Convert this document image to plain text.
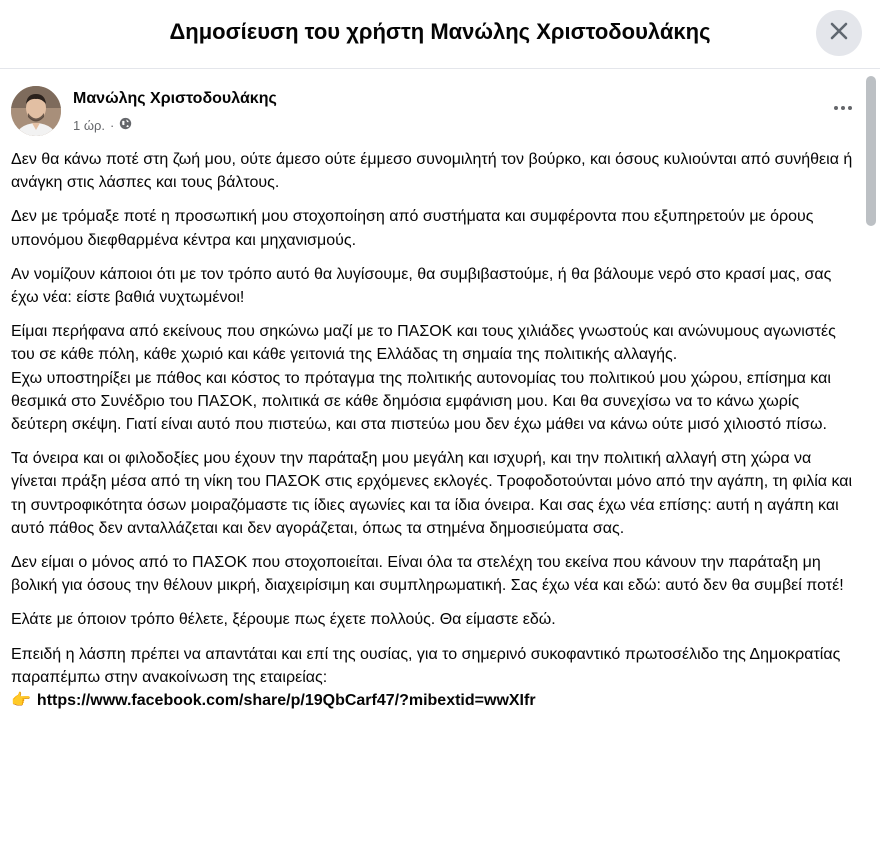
Δημοσίευση του χρήστη Μανώλης Χριστοδουλάκης
Μανώλης Χριστοδουλάκης
1 ώρ. ·

Δεν θα κάνω ποτέ στη ζωή μου, ούτε άμεσο ούτε έμμεσο συνομιλητή τον βούρκο, και όσους κυλιούνται από συνήθεια ή ανάγκη στις λάσπες και τους βάλτους.

Δεν με τρόμαξε ποτέ η προσωπική μου στοχοποίηση από συστήματα και συμφέροντα που εξυπηρετούν με όρους υπονόμου διεφθαρμένα κέντρα και μηχανισμούς.

Αν νομίζουν κάποιοι ότι με τον τρόπο αυτό θα λυγίσουμε, θα συμβιβαστούμε, ή θα βάλουμε νερό στο κρασί μας, σας έχω νέα: είστε βαθιά νυχτωμένοι!

Είμαι περήφανα από εκείνους που σηκώνω μαζί με το ΠΑΣΟΚ και τους χιλιάδες γνωστούς και ανώνυμους αγωνιστές του σε κάθε πόλη, κάθε χωριό και κάθε γειτονιά της Ελλάδας τη σημαία της πολιτικής αλλαγής.
Εχω υποστηρίξει με πάθος και κόστος το πρόταγμα της πολιτικής αυτονομίας του πολιτικού μου χώρου, επίσημα και θεσμικά στο Συνέδριο του ΠΑΣΟΚ, πολιτικά σε κάθε δημόσια εμφάνιση μου. Και θα συνεχίσω να το κάνω χωρίς δεύτερη σκέψη. Γιατί είναι αυτό που πιστεύω, και στα πιστεύω μου δεν έχω μάθει να κάνω ούτε μισό χιλιοστό πίσω.

Τα όνειρα και οι φιλοδοξίες μου έχουν την παράταξη μου μεγάλη και ισχυρή, και την πολιτική αλλαγή στη χώρα να γίνεται πράξη μέσα από τη νίκη του ΠΑΣΟΚ στις ερχόμενες εκλογές. Τροφοδοτούνται μόνο από την αγάπη, τη φιλία και τη συντροφικότητα όσων μοιραζόμαστε τις ίδιες αγωνίες και τα ίδια όνειρα. Και σας έχω νέα επίσης: αυτή η αγάπη και αυτό πάθος δεν ανταλλάζεται και δεν αγοράζεται, όπως τα στημένα δημοσιεύματα σας.

Δεν είμαι ο μόνος από το ΠΑΣΟΚ που στοχοποιείται. Είναι όλα τα στελέχη του εκείνα που κάνουν την παράταξη μη βολική για όσους την θέλουν μικρή, διαχειρίσιμη και συμπληρωματική. Σας έχω νέα και εδώ: αυτό δεν θα συμβεί ποτέ!

Ελάτε με όποιον τρόπο θέλετε, ξέρουμε πως έχετε πολλούς. Θα είμαστε εδώ.

Επειδή η λάσπη πρέπει να απαντάται και επί της ουσίας, για το σημερινό συκοφαντικό πρωτοσέλιδο της Δημοκρατίας παραπέμπω στην ανακοίνωση της εταιρείας:

👉 https://www.facebook.com/share/p/19QbCarf47/?mibextid=wwXIfr
